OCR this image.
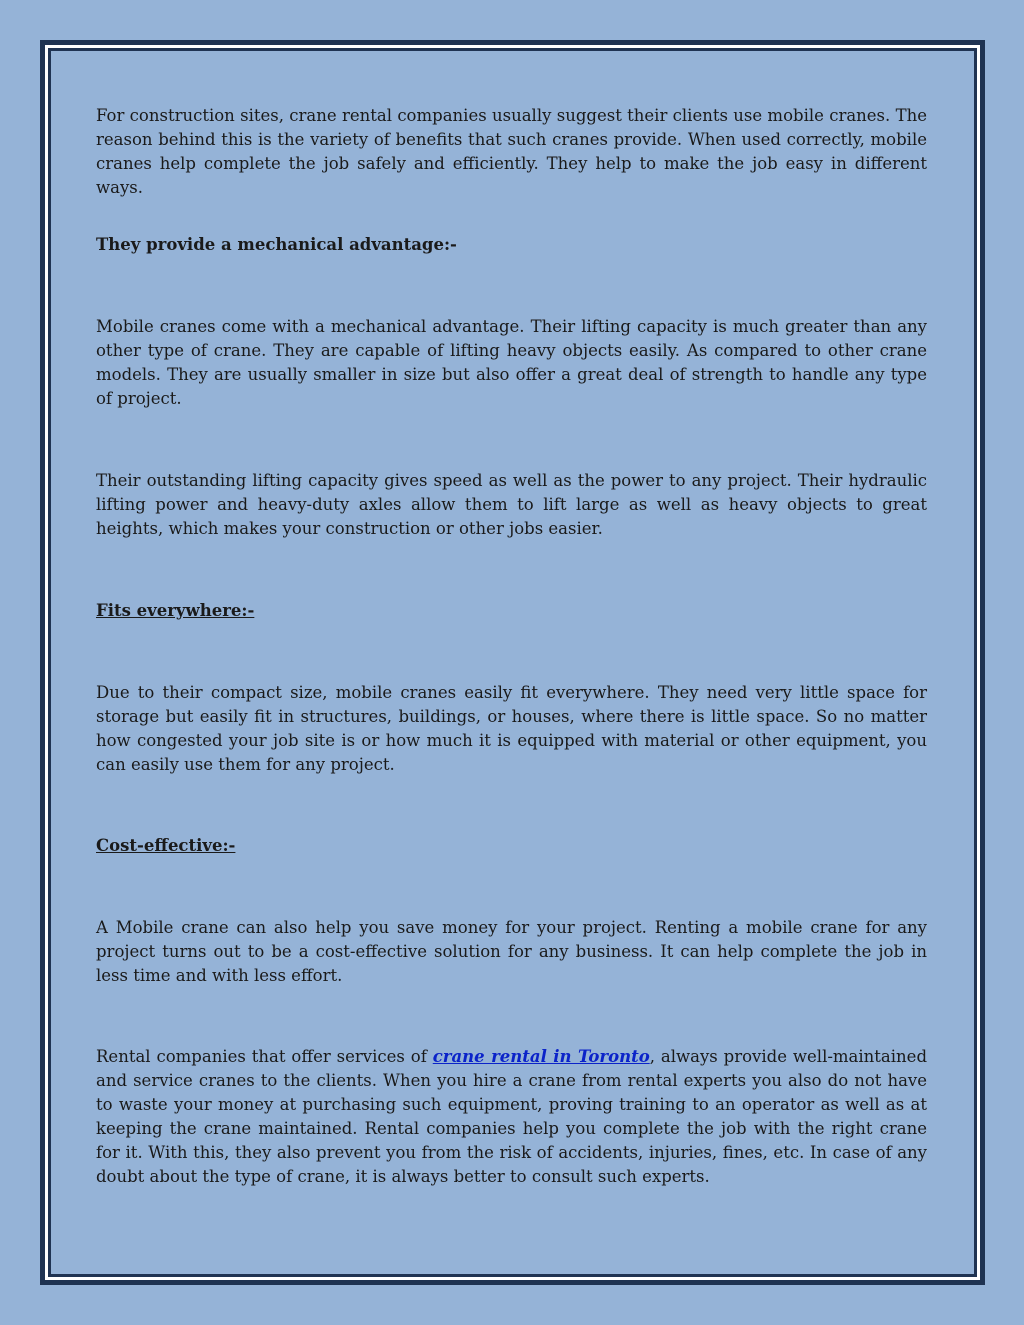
For construction sites, crane rental companies usually suggest their clients use mobile cranes. The reason behind this is the variety of benefits that such cranes provide. When used correctly, mobile cranes help complete the job safely and efficiently. They help to make the job easy in different ways.

They provide a mechanical advantage:-

Mobile cranes come with a mechanical advantage. Their lifting capacity is much greater than any other type of crane. They are capable of lifting heavy objects easily. As compared to other crane models. They are usually smaller in size but also offer a great deal of strength to handle any type of project.

Their outstanding lifting capacity gives speed as well as the power to any project. Their hydraulic lifting power and heavy-duty axles allow them to lift large as well as heavy objects to great heights, which makes your construction or other jobs easier.

Fits everywhere:-

Due to their compact size, mobile cranes easily fit everywhere. They need very little space for storage but easily fit in structures, buildings, or houses, where there is little space. So no matter how congested your job site is or how much it is equipped with material or other equipment, you can easily use them for any project.

Cost-effective:-

A Mobile crane can also help you save money for your project. Renting a mobile crane for any project turns out to be a cost-effective solution for any business. It can help complete the job in less time and with less effort.

Rental companies that offer services of crane rental in Toronto, always provide well-maintained and service cranes to the clients. When you hire a crane from rental experts you also do not have to waste your money at purchasing such equipment, proving training to an operator as well as at keeping the crane maintained. Rental companies help you complete the job with the right crane for it. With this, they also prevent you from the risk of accidents, injuries, fines, etc. In case of any doubt about the type of crane, it is always better to consult such experts.
